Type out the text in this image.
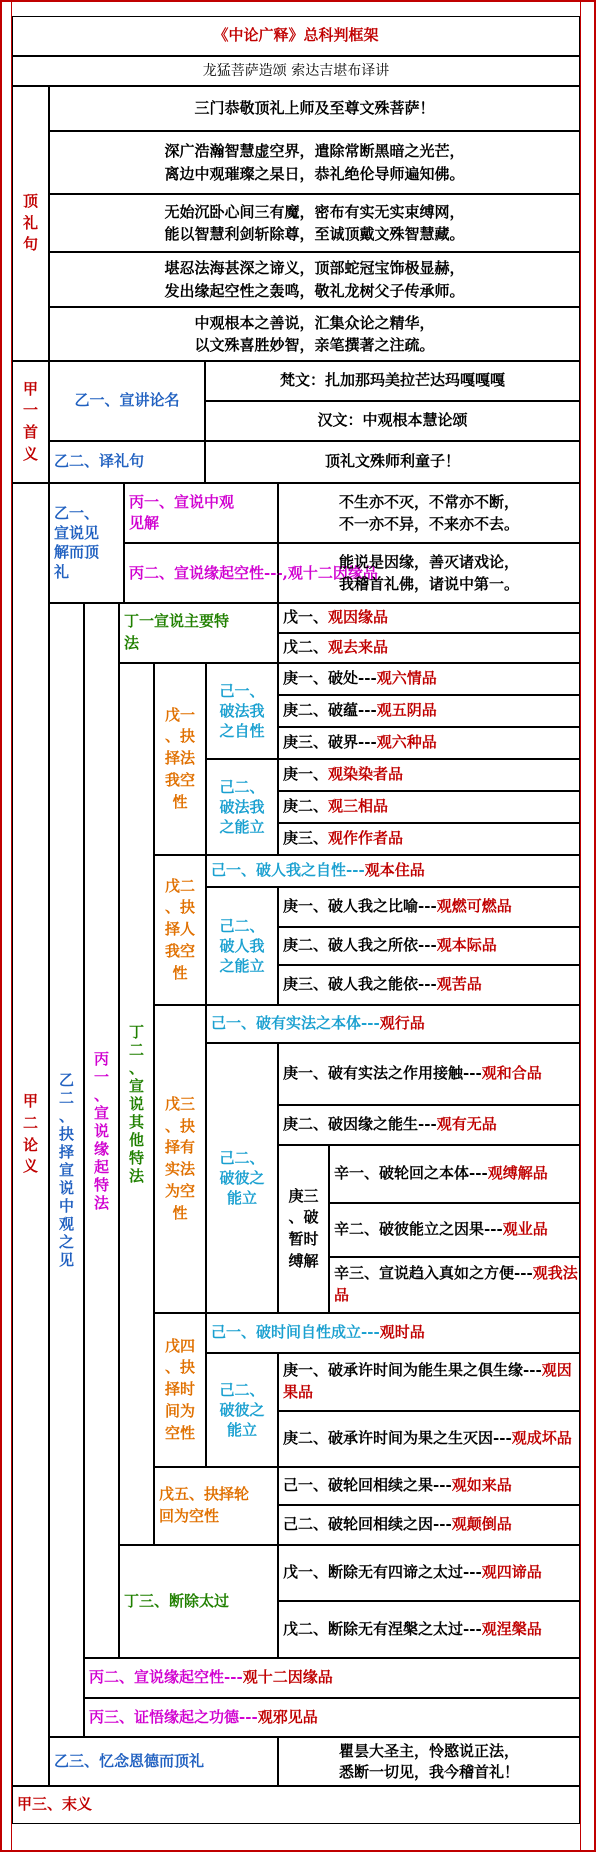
《中论广释》总科判框架
龙猛菩萨造颂 索达吉堪布译讲
顶
礼
句
三门恭敬顶礼上师及至尊文殊菩萨！
深广浩瀚智慧虚空界，遣除常断黑暗之光芒，
离边中观璀璨之杲日，恭礼绝伦导师遍知佛。
无始沉卧心间三有魔，密布有实无实束缚网，
能以智慧利剑斩除尊，至诚顶戴文殊智慧藏。
堪忍法海甚深之谛义，顶部蛇冠宝饰极显赫，
发出缘起空性之轰鸣，敬礼龙树父子传承师。
中观根本之善说，汇集众论之精华，
以文殊喜胜妙智，亲笔撰著之注疏。
甲
一
首
义
乙一、宣讲论名
梵文：扎加那玛美拉芒达玛嘎嘎嘎
汉文：中观根本慧论颂
乙二、译礼句	顶礼文殊师利童子！
甲
二
论
义
乙一、
宣说见
解而顶
礼
丙一、宣说中观
见解
不生亦不灭，不常亦不断，
不一亦不异，不来亦不去。
丙二、宣说缘起空性---,观十二因缘品
能说是因缘，善灭诸戏论，
我稽首礼佛，诸说中第一。
乙
二
、
抉
择
宣
说
中
观
之
见
丙
一
、
宣
说
缘
起
特
法
丁一宣说主要特
法
戊一、 观因缘品
戊二、 观去来品
丁
二
、
宣
说
其
他
特
法
戊一
、抉
择法
我空
性
己一、
破法我
之自性
庚一、破处--- 观六情品
庚二、破蕴--- 观五阴品
庚三、破界--- 观六种品
己二、
破法我
之能立
庚一、 观染染者品
庚二、 观三相品
庚三、 观作作者品
戊二
、抉
择人
我空
性
己一、破人我之自性--- 观本住品
己二、
破人我
之能立
庚一、破人我之比喻--- 观燃可燃品
庚二、破人我之所依--- 观本际品
庚三、破人我之能依--- 观苦品
戊三
、抉
择有
实法
为空
性
己一、破有实法之本体--- 观行品
己二、
破彼之
能立
庚一、破有实法之作用接触---观和合品
庚二、破因缘之能生--- 观有无品
庚三
、破
暂时
缚解
辛一、破轮回之本体---观缚解品
辛二、破彼能立之因果---观业品
辛三、宣说趋入真如之方便---观我法品
戊四
、抉
择时
间为
空性
己一、破时间自性成立--- 观时品
己二、
破彼之
能立
庚一、破承许时间为能生果之俱生缘---观因果品
庚二、破承许时间为果之生灭因---观成坏品
戊五、抉择轮
回为空性
己一、破轮回相续之果--- 观如来品
己二、破轮回相续之因--- 观颠倒品
丁三、断除太过
戊一、断除无有四谛之太过---观四谛品
戊二、断除无有涅槃之太过---观涅槃品
丙二、宣说缘起空性--- 观十二因缘品
丙三、证悟缘起之功德--- 观邪见品
乙三、忆念恩德而顶礼
瞿昙大圣主，怜愍说正法，
悉断一切见，我今稽首礼！
甲三、末义
